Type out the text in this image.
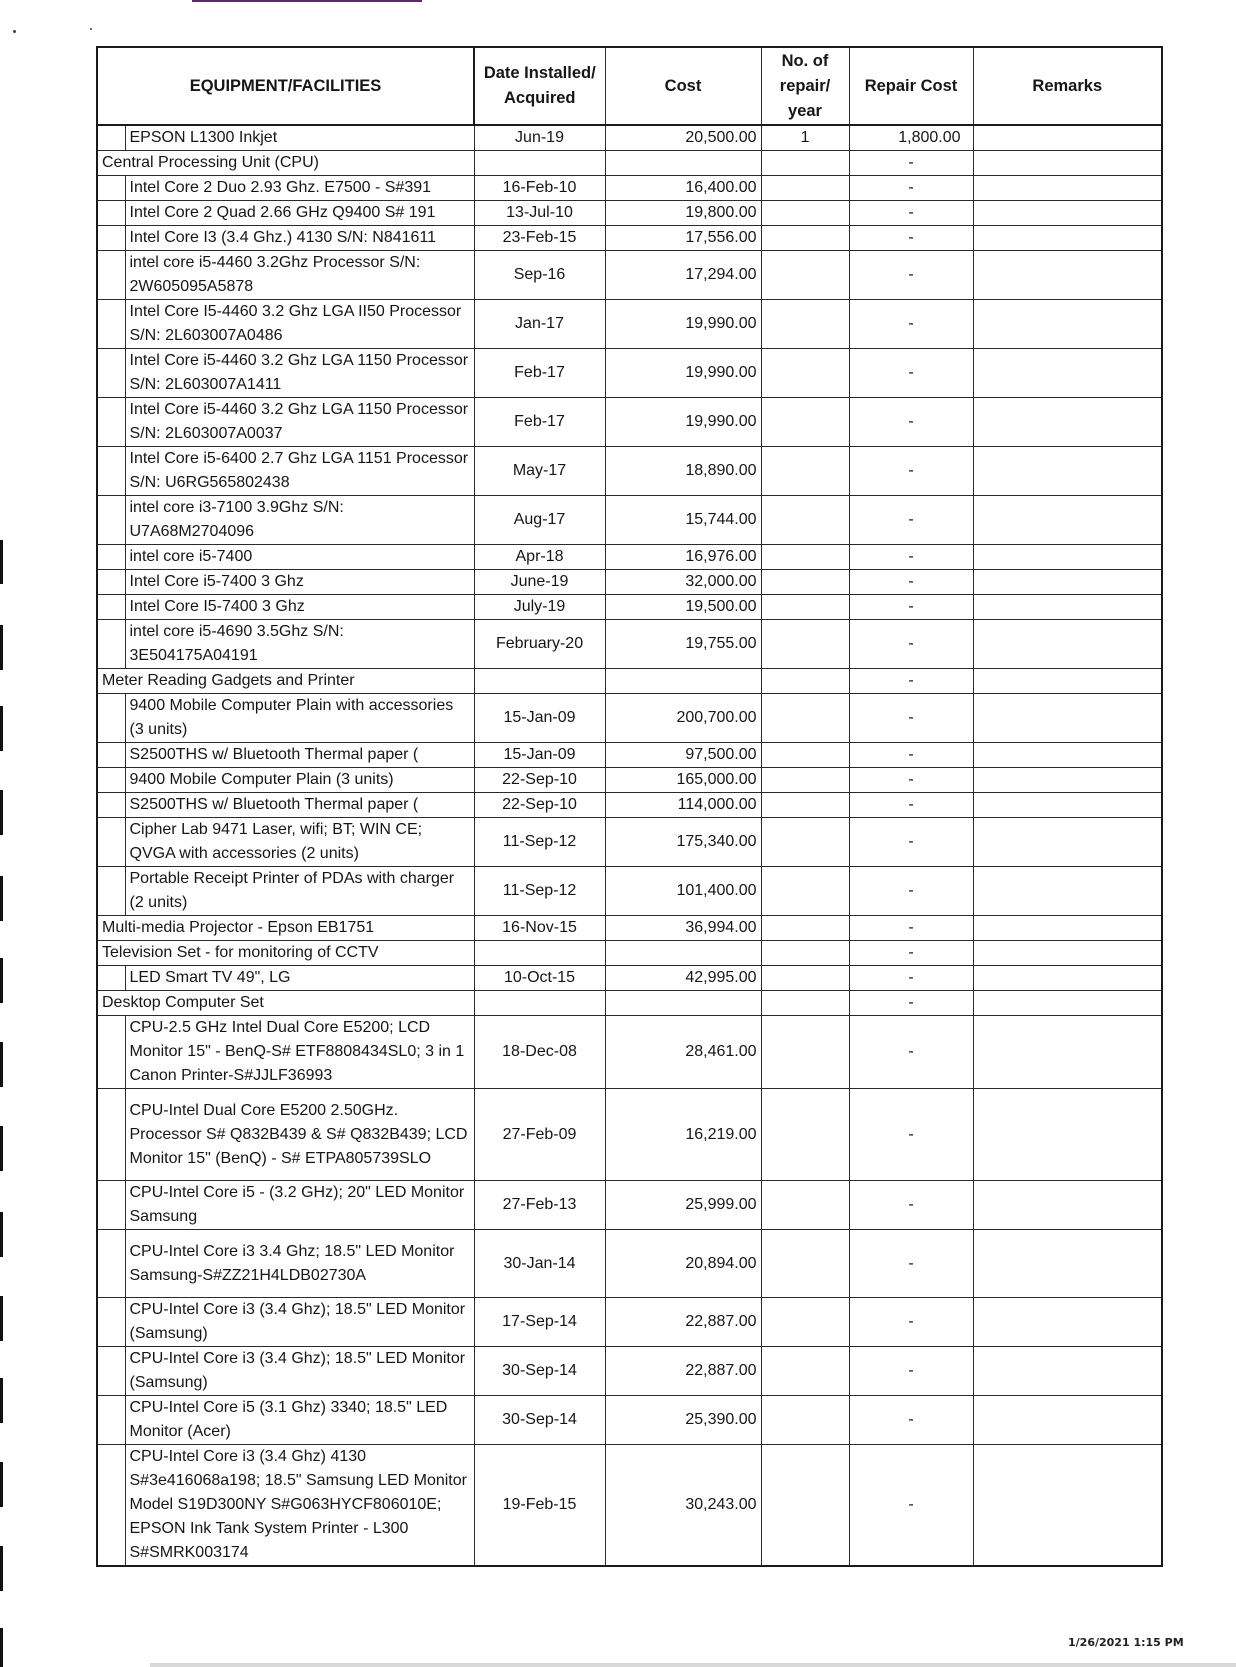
EQUIPMENT/FACILITIES		Date Installed/ Acquired	Cost	No. of repair/ year	Repair Cost	Remarks
	EPSON L1300 Inkjet	Jun-19	20,500.00	1	1,800.00	
Central Processing Unit (CPU)					-	
	Intel Core 2 Duo 2.93 Ghz. E7500 - S#391	16-Feb-10	16,400.00		-	
	Intel Core 2 Quad 2.66 GHz Q9400 S# 191	13-Jul-10	19,800.00		-	
	Intel Core I3 (3.4 Ghz.) 4130 S/N: N841611	23-Feb-15	17,556.00		-	
	intel core i5-4460 3.2Ghz Processor S/N: 2W605095A5878	Sep-16	17,294.00		-	
	Intel Core I5-4460 3.2 Ghz LGA II50 Processor S/N: 2L603007A0486	Jan-17	19,990.00		-	
	Intel Core i5-4460 3.2 Ghz LGA 1150 Processor S/N: 2L603007A1411	Feb-17	19,990.00		-	
	Intel Core i5-4460 3.2 Ghz LGA 1150 Processor S/N: 2L603007A0037	Feb-17	19,990.00		-	
	Intel Core i5-6400 2.7 Ghz LGA 1151 Processor S/N: U6RG565802438	May-17	18,890.00		-	
	intel core i3-7100 3.9Ghz S/N: U7A68M2704096	Aug-17	15,744.00		-	
	intel core i5-7400	Apr-18	16,976.00		-	
	Intel Core i5-7400 3 Ghz	June-19	32,000.00		-	
	Intel Core I5-7400 3 Ghz	July-19	19,500.00		-	
	intel core i5-4690 3.5Ghz S/N: 3E504175A04191	February-20	19,755.00		-	
Meter Reading Gadgets and Printer					-	
	9400 Mobile Computer Plain with accessories (3 units)	15-Jan-09	200,700.00		-	
	S2500THS w/ Bluetooth Thermal paper (	15-Jan-09	97,500.00		-	
	9400 Mobile Computer Plain (3 units)	22-Sep-10	165,000.00		-	
	S2500THS w/ Bluetooth Thermal paper (	22-Sep-10	114,000.00		-	
	Cipher Lab 9471 Laser, wifi; BT; WIN CE; QVGA with accessories (2 units)	11-Sep-12	175,340.00		-	
	Portable Receipt Printer of PDAs with charger (2 units)	11-Sep-12	101,400.00		-	
Multi-media Projector - Epson EB1751		16-Nov-15	36,994.00		-	
Television Set - for monitoring of CCTV					-	
	LED Smart TV 49", LG	10-Oct-15	42,995.00		-	
Desktop Computer Set					-	
	CPU-2.5 GHz Intel Dual Core E5200; LCD Monitor 15" - BenQ-S# ETF8808434SL0; 3 in 1 Canon Printer-S#JJLF36993	18-Dec-08	28,461.00		-	
	CPU-Intel Dual Core E5200 2.50GHz. Processor S# Q832B439 & S# Q832B439; LCD Monitor 15" (BenQ) - S# ETPA805739SLO	27-Feb-09	16,219.00		-	
	CPU-Intel Core i5 - (3.2 GHz); 20" LED Monitor Samsung	27-Feb-13	25,999.00		-	
	CPU-Intel Core i3 3.4 Ghz; 18.5" LED Monitor Samsung-S#ZZ21H4LDB02730A	30-Jan-14	20,894.00		-	
	CPU-Intel Core i3 (3.4 Ghz); 18.5" LED Monitor (Samsung)	17-Sep-14	22,887.00		-	
	CPU-Intel Core i3 (3.4 Ghz); 18.5" LED Monitor (Samsung)	30-Sep-14	22,887.00		-	
	CPU-Intel Core i5 (3.1 Ghz) 3340; 18.5" LED Monitor (Acer)	30-Sep-14	25,390.00		-	
	CPU-Intel Core i3 (3.4 Ghz) 4130 S#3e416068a198; 18.5" Samsung LED Monitor Model S19D300NY S#G063HYCF806010E; EPSON Ink Tank System Printer - L300 S#SMRK003174	19-Feb-15	30,243.00		-	
1/26/2021 1:15 PM
